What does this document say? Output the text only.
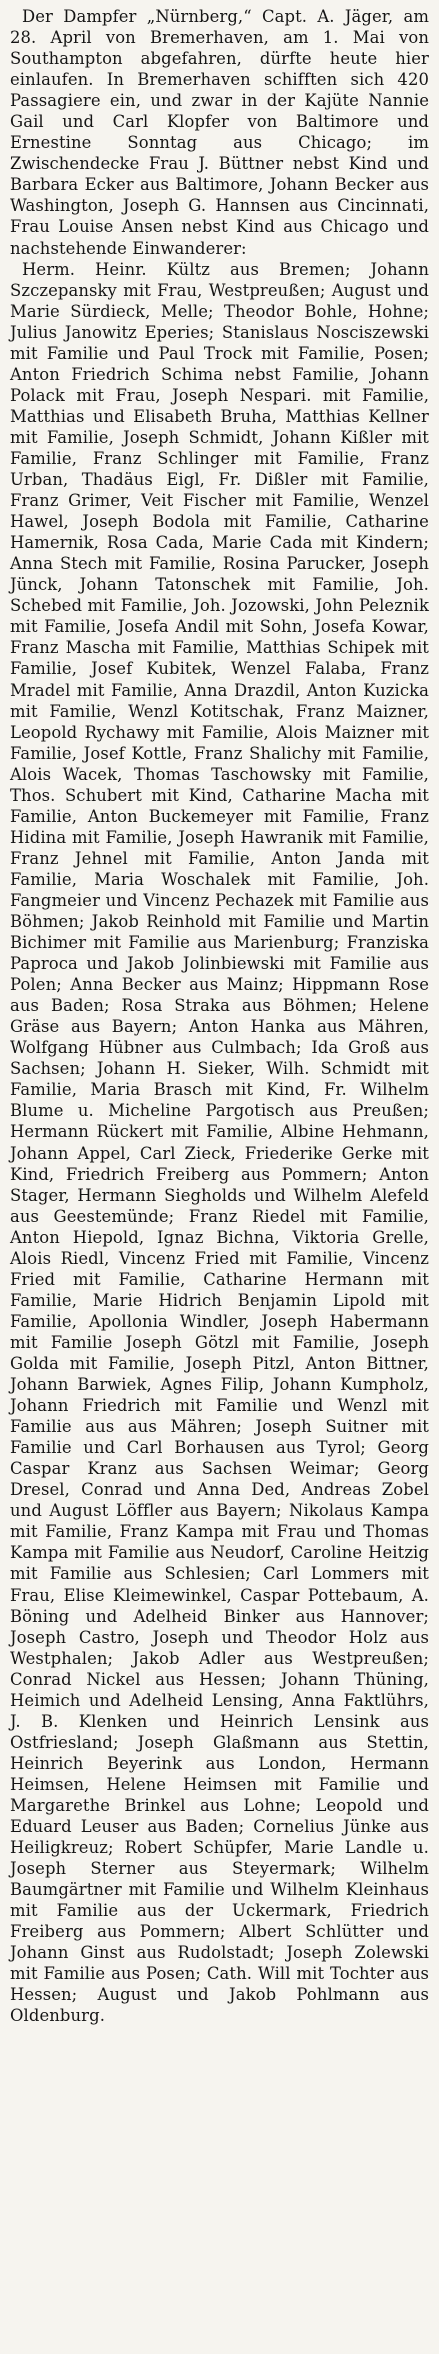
Der Dampfer „Nürnberg,“ Capt. A. Jäger, am 28. April von Bremerhaven, am 1. Mai von Southampton abgefahren, dürfte heute hier einlaufen. In Bremerhaven schifften sich 420 Passagiere ein, und zwar in der Kajüte Nannie Gail und Carl Klopfer von Baltimore und Ernestine Sonntag aus Chicago; im Zwischendecke Frau J. Büttner nebst Kind und Barbara Ecker aus Baltimore, Johann Becker aus Washington, Joseph G. Hannsen aus Cincinnati, Frau Louise Ansen nebst Kind aus Chicago und nachstehende Einwanderer:

Herm. Heinr. Kültz aus Bremen; Johann Szczepansky mit Frau, Westpreußen; August und Marie Sürdieck, Melle; Theodor Bohle, Hohne; Julius Janowitz Eperies; Stanislaus Nosciszewski mit Familie und Paul Trock mit Familie, Posen; Anton Friedrich Schima nebst Familie, Johann Polack mit Frau, Joseph Nespari. mit Familie, Matthias und Elisabeth Bruha, Matthias Kellner mit Familie, Joseph Schmidt, Johann Kißler mit Familie, Franz Schlinger mit Familie, Franz Urban, Thadäus Eigl, Fr. Dißler mit Familie, Franz Grimer, Veit Fischer mit Familie, Wenzel Hawel, Joseph Bodola mit Familie, Catharine Hamernik, Rosa Cada, Marie Cada mit Kindern; Anna Stech mit Familie, Rosina Parucker, Joseph Jünck, Johann Tatonschek mit Familie, Joh. Schebed mit Familie, Joh. Jozowski, John Peleznik mit Familie, Josefa Andil mit Sohn, Josefa Kowar, Franz Mascha mit Familie, Matthias Schipek mit Familie, Josef Kubitek, Wenzel Falaba, Franz Mradel mit Familie, Anna Drazdil, Anton Kuzicka mit Familie, Wenzl Kotitschak, Franz Maizner, Leopold Rychawy mit Familie, Alois Maizner mit Familie, Josef Kottle, Franz Shalichy mit Familie, Alois Wacek, Thomas Taschowsky mit Familie, Thos. Schubert mit Kind, Catharine Macha mit Familie, Anton Buckemeyer mit Familie, Franz Hidina mit Familie, Joseph Hawranik mit Familie, Franz Jehnel mit Familie, Anton Janda mit Familie, Maria Woschalek mit Familie, Joh. Fangmeier und Vincenz Pechazek mit Familie aus Böhmen; Jakob Reinhold mit Familie und Martin Bichimer mit Familie aus Marienburg; Franziska Paproca und Jakob Jolinbiewski mit Familie aus Polen; Anna Becker aus Mainz; Hippmann Rose aus Baden; Rosa Straka aus Böhmen; Helene Gräse aus Bayern; Anton Hanka aus Mähren, Wolfgang Hübner aus Culmbach; Ida Groß aus Sachsen; Johann H. Sieker, Wilh. Schmidt mit Familie, Maria Brasch mit Kind, Fr. Wilhelm Blume u. Micheline Pargotisch aus Preußen; Hermann Rückert mit Familie, Albine Hehmann, Johann Appel, Carl Zieck, Friederike Gerke mit Kind, Friedrich Freiberg aus Pommern; Anton Stager, Hermann Siegholds und Wilhelm Alefeld aus Geestemünde; Franz Riedel mit Familie, Anton Hiepold, Ignaz Bichna, Viktoria Grelle, Alois Riedl, Vincenz Fried mit Familie, Vincenz Fried mit Familie, Catharine Hermann mit Familie, Marie Hidrich Benjamin Lipold mit Familie, Apollonia Windler, Joseph Habermann mit Familie Joseph Götzl mit Familie, Joseph Golda mit Familie, Joseph Pitzl, Anton Bittner, Johann Barwiek, Agnes Filip, Johann Kumpholz, Johann Friedrich mit Familie und Wenzl mit Familie aus aus Mähren; Joseph Suitner mit Familie und Carl Borhausen aus Tyrol; Georg Caspar Kranz aus Sachsen Weimar; Georg Dresel, Conrad und Anna Ded, Andreas Zobel und August Löffler aus Bayern; Nikolaus Kampa mit Familie, Franz Kampa mit Frau und Thomas Kampa mit Familie aus Neudorf, Caroline Heitzig mit Familie aus Schlesien; Carl Lommers mit Frau, Elise Kleimewinkel, Caspar Pottebaum, A. Böning und Adelheid Binker aus Hannover; Joseph Castro, Joseph und Theodor Holz aus Westphalen; Jakob Adler aus Westpreußen; Conrad Nickel aus Hessen; Johann Thüning, Heimich und Adelheid Lensing, Anna Faktlührs, J. B. Klenken und Heinrich Lensink aus Ostfriesland; Joseph Glaßmann aus Stettin, Heinrich Beyerink aus London, Hermann Heimsen, Helene Heimsen mit Familie und Margarethe Brinkel aus Lohne; Leopold und Eduard Leuser aus Baden; Cornelius Jünke aus Heiligkreuz; Robert Schüpfer, Marie Landle u. Joseph Sterner aus Steyermark; Wilhelm Baumgärtner mit Familie und Wilhelm Kleinhaus mit Familie aus der Uckermark, Friedrich Freiberg aus Pommern; Albert Schlütter und Johann Ginst aus Rudolstadt; Joseph Zolewski mit Familie aus Posen; Cath. Will mit Tochter aus Hessen; August und Jakob Pohlmann aus Oldenburg.
